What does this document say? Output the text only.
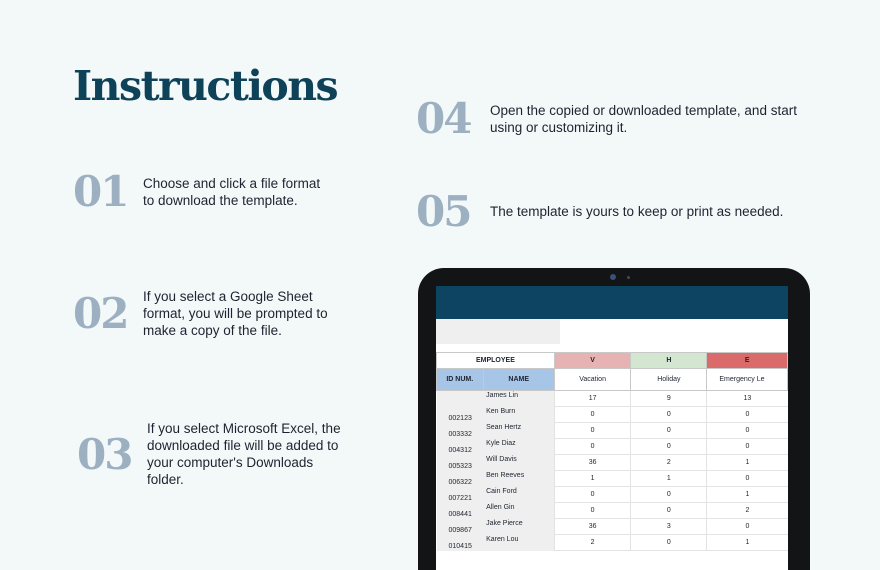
Instructions
01	Choose and click a file format to download the template.
02	If you select a Google Sheet format, you will be prompted to make a copy of the file.
03
If you select Microsoft Excel, the downloaded file will be added to your computer's Downloads folder.
04	Open the copied or downloaded template, and start using or customizing it.
05	The template is yours to keep or print as needed.
EMPLOYEE		V	H	E
ID NUM.	NAME	Vacation	Holiday	Emergency Le
	James Lin	17	9	13
002123	Ken Burn	0	0	0
003332	Sean Hertz	0	0	0
004312	Kyle Diaz	0	0	0
005323	Will Davis	36	2	1
006322	Ben Reeves	1	1	0
007221	Cain Ford	0	0	1
008441	Allen Gin	0	0	2
009867	Jake Pierce	36	3	0
010415	Karen Lou	2	0	1
